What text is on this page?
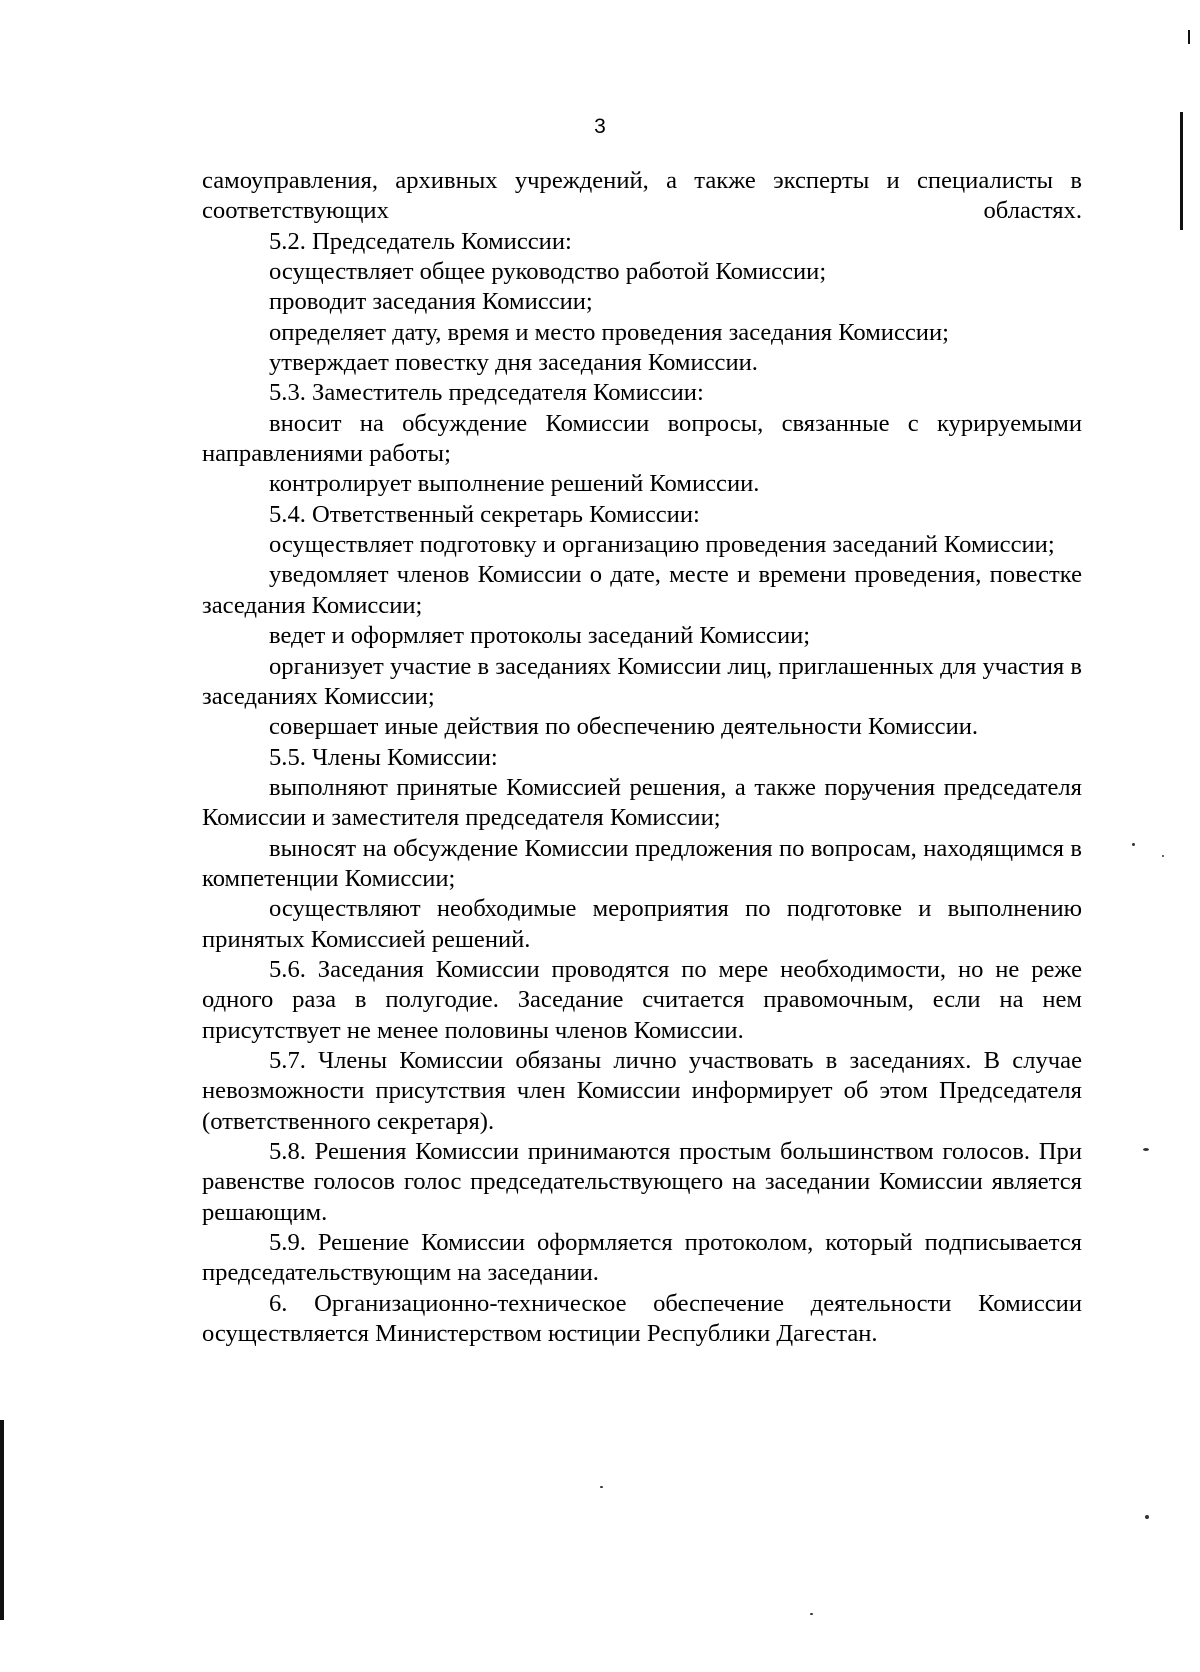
3

самоуправления, архивных учреждений, а также эксперты и специалисты в соответствующих областях.

5.2. Председатель Комиссии:

осуществляет общее руководство работой Комиссии;

проводит заседания Комиссии;

определяет дату, время и место проведения заседания Комиссии;

утверждает повестку дня заседания Комиссии.

5.3. Заместитель председателя Комиссии:

вносит на обсуждение Комиссии вопросы, связанные с курируемыми направлениями работы;

контролирует выполнение решений Комиссии.

5.4. Ответственный секретарь Комиссии:

осуществляет подготовку и организацию проведения заседаний Комиссии;

уведомляет членов Комиссии о дате, месте и времени проведения, повестке заседания Комиссии;

ведет и оформляет протоколы заседаний Комиссии;

организует участие в заседаниях Комиссии лиц, приглашенных для участия в заседаниях Комиссии;

совершает иные действия по обеспечению деятельности Комиссии.

5.5. Члены Комиссии:

выполняют принятые Комиссией решения, а также поручения председателя Комиссии и заместителя председателя Комиссии;

выносят на обсуждение Комиссии предложения по вопросам, находящимся в компетенции Комиссии;

осуществляют необходимые мероприятия по подготовке и выполнению принятых Комиссией решений.

5.6. Заседания Комиссии проводятся по мере необходимости, но не реже одного раза в полугодие. Заседание считается правомочным, если на нем присутствует не менее половины членов Комиссии.

5.7. Члены Комиссии обязаны лично участвовать в заседаниях. В случае невозможности присутствия член Комиссии информирует об этом Председателя (ответственного секретаря).

5.8. Решения Комиссии принимаются простым большинством голосов. При равенстве голосов голос председательствующего на заседании Комиссии является решающим.

5.9. Решение Комиссии оформляется протоколом, который подписывается председательствующим на заседании.

6. Организационно-техническое обеспечение деятельности Комиссии осуществляется Министерством юстиции Республики Дагестан.
